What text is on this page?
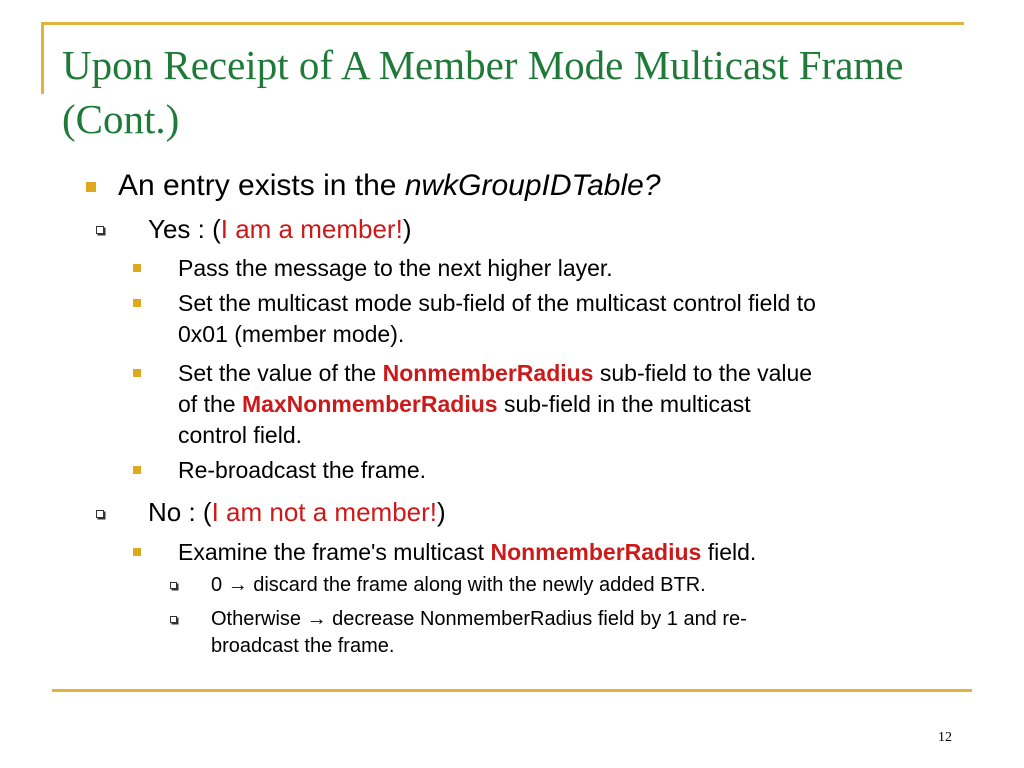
Upon Receipt of A Member Mode Multicast Frame
(Cont.)
An entry exists in the nwkGroupIDTable?
Yes : (I am a member!)
Pass the message to the next higher layer.
Set the multicast mode sub-field of the multicast control field to
0x01 (member mode).
Set the value of the NonmemberRadius sub-field to the value
of the MaxNonmemberRadius sub-field in the multicast
control field.
Re-broadcast the frame.
No : (I am not a member!)
Examine the frame's multicast NonmemberRadius field.
0 → discard the frame along with the newly added BTR.
Otherwise → decrease NonmemberRadius field by 1 and re-
broadcast the frame.
12
